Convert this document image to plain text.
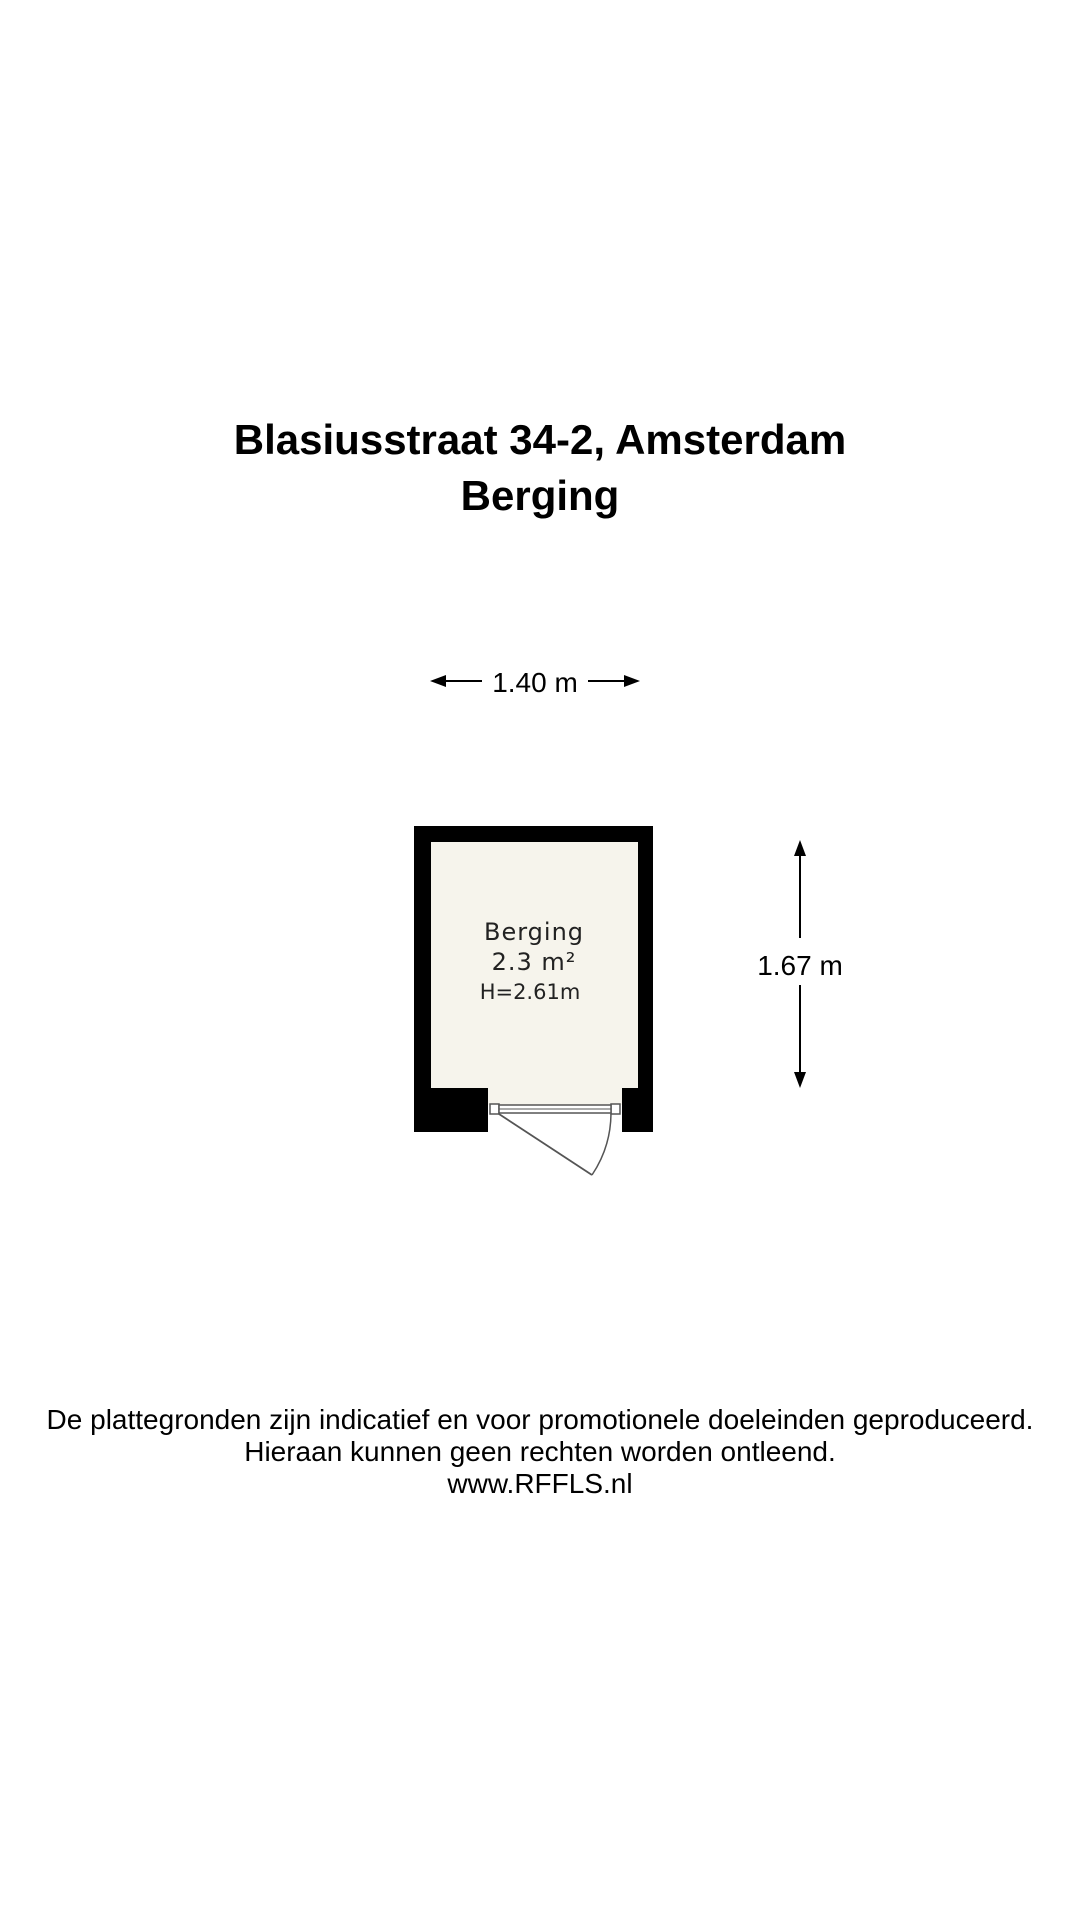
Blasiusstraat 34-2, Amsterdam

Berging

1.40 m
1.67 m
Berging
2.3 m²
H=2.61m

De plattegronden zijn indicatief en voor promotionele doeleinden geproduceerd.

Hieraan kunnen geen rechten worden ontleend.

www.RFFLS.nl
